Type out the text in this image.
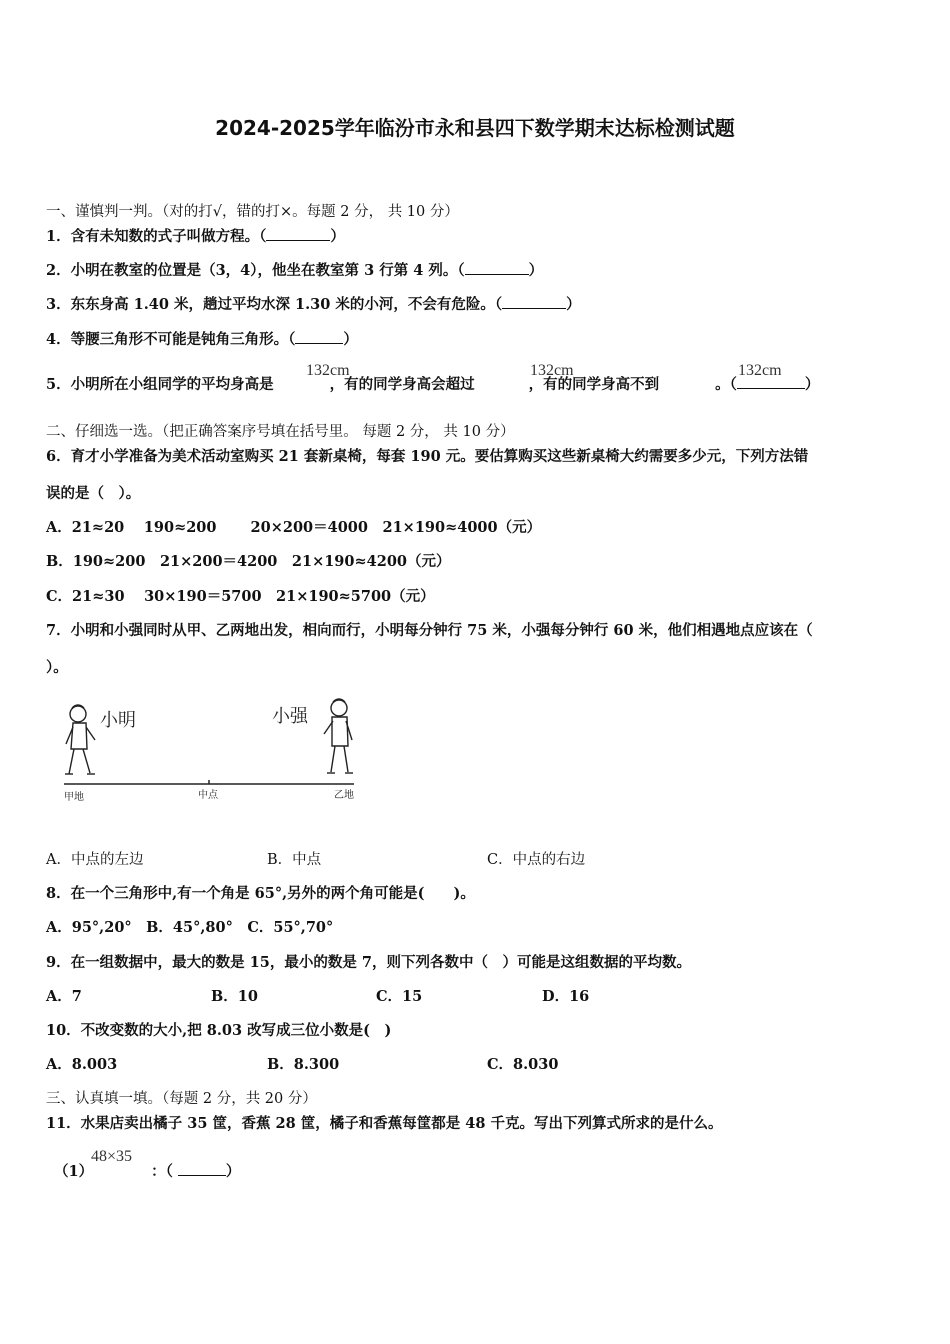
2024-2025学年临汾市永和县四下数学期末达标检测试题
一、谨慎判一判。（对的打√，错的打×。每题 2 分， 共 10 分）
1．含有未知数的式子叫做方程。（	）
2．小明在教室的位置是（3，4），他坐在教室第 3 行第 4 列。（	）
3．东东身高 1.40 米，趟过平均水深 1.30 米的小河，不会有危险。（	）
4．等腰三角形不可能是钝角三角形。（	）
5．小明所在小组同学的平均身高是	，有的同学身高会超过	，有的同学身高不到	。（	）
132cm	132cm	132cm
二、仔细选一选。（把正确答案序号填在括号里。 每题 2 分， 共 10 分）
6．育才小学准备为美术活动室购买 21 套新桌椅，每套 190 元。要估算购买这些新桌椅大约需要多少元，下列方法错
误的是（　）。
A．21≈20　 190≈200　　 20×200＝4000　21×190≈4000（元）
B．190≈200　21×200＝4200　21×190≈4200（元）
C．21≈30　 30×190＝5700　21×190≈5700（元）
7．小明和小强同时从甲、乙两地出发，相向而行，小明每分钟行 75 米，小强每分钟行 60 米，他们相遇地点应该在（
）。
小明	小强
甲地	中点	乙地
A．中点的左边	B．中点	C．中点的右边
8．在一个三角形中,有一个角是 65°,另外的两个角可能是(　　)。
A．95°,20°　B．45°,80°　C．55°,70°
9．在一组数据中，最大的数是 15，最小的数是 7，则下列各数中（　）可能是这组数据的平均数。
A．7	B．10	C．15	D．16
10．不改变数的大小,把 8.03 改写成三位小数是(　)
A．8.003	B．8.300	C．8.030
三、认真填一填。（每题 2 分，共 20 分）
11．水果店卖出橘子 35 筐，香蕉 28 筐，橘子和香蕉每筐都是 48 千克。写出下列算式所求的是什么。
（1）	：（	）
48×35
